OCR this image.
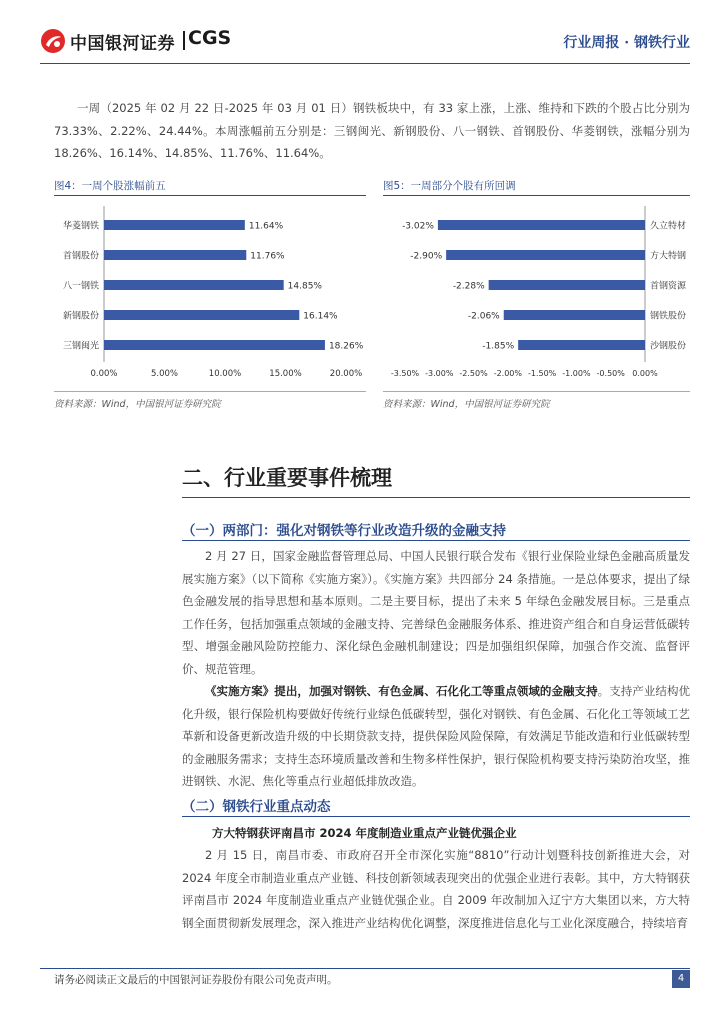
中国银河证券 CGS	行业周报 · 钢铁行业

一周（2025 年 02 月 22 日-2025 年 03 月 01 日）钢铁板块中，有 33 家上涨，上涨、维持和下跌的个股占比分别为 73.33%、2.22%、24.44%。本周涨幅前五分别是：三钢闽光、新钢股份、八一钢铁、首钢股份、华菱钢铁，涨幅分别为 18.26%、16.14%、14.85%、11.76%、11.64%。

图4：一周个股涨幅前五
华菱钢铁	11.64%
首钢股份	11.76%
八一钢铁	14.85%
新钢股份	16.14%
三钢闽光	18.26%
0.00%	5.00%	10.00%	15.00%	20.00%
资料来源：Wind，中国银河证券研究院
图5：一周部分个股有所回调
-3.02%	久立特材
-2.90%	方大特钢
-2.28%	首钢资源
-2.06%	钢铁股份
-1.85%	沙钢股份
-3.50% -3.00% -2.50% -2.00% -1.50% -1.00% -0.50% 0.00%
资料来源：Wind，中国银河证券研究院
二、行业重要事件梳理
（一）两部门：强化对钢铁等行业改造升级的金融支持

2 月 27 日，国家金融监督管理总局、中国人民银行联合发布《银行业保险业绿色金融高质量发展实施方案》（以下简称《实施方案》）。《实施方案》共四部分 24 条措施。一是总体要求，提出了绿色金融发展的指导思想和基本原则。二是主要目标，提出了未来 5 年绿色金融发展目标。三是重点工作任务，包括加强重点领域的金融支持、完善绿色金融服务体系、推进资产组合和自身运营低碳转型、增强金融风险防控能力、深化绿色金融机制建设；四是加强组织保障，加强合作交流、监督评价、规范管理。

《实施方案》提出，加强对钢铁、有色金属、石化化工等重点领域的金融支持。支持产业结构优化升级，银行保险机构要做好传统行业绿色低碳转型，强化对钢铁、有色金属、石化化工等领域工艺革新和设备更新改造升级的中长期贷款支持，提供保险风险保障，有效满足节能改造和行业低碳转型的金融服务需求；支持生态环境质量改善和生物多样性保护，银行保险机构要支持污染防治攻坚，推进钢铁、水泥、焦化等重点行业超低排放改造。

（二）钢铁行业重点动态
方大特钢获评南昌市 2024 年度制造业重点产业链优强企业

2 月 15 日，南昌市委、市政府召开全市深化实施“8810”行动计划暨科技创新推进大会，对 2024 年度全市制造业重点产业链、科技创新领域表现突出的优强企业进行表彰。其中，方大特钢获评南昌市 2024 年度制造业重点产业链优强企业。自 2009 年改制加入辽宁方大集团以来，方大特钢全面贯彻新发展理念，深入推进产业结构优化调整，深度推进信息化与工业化深度融合，持续培育

请务必阅读正文最后的中国银河证券股份有限公司免责声明。	4
